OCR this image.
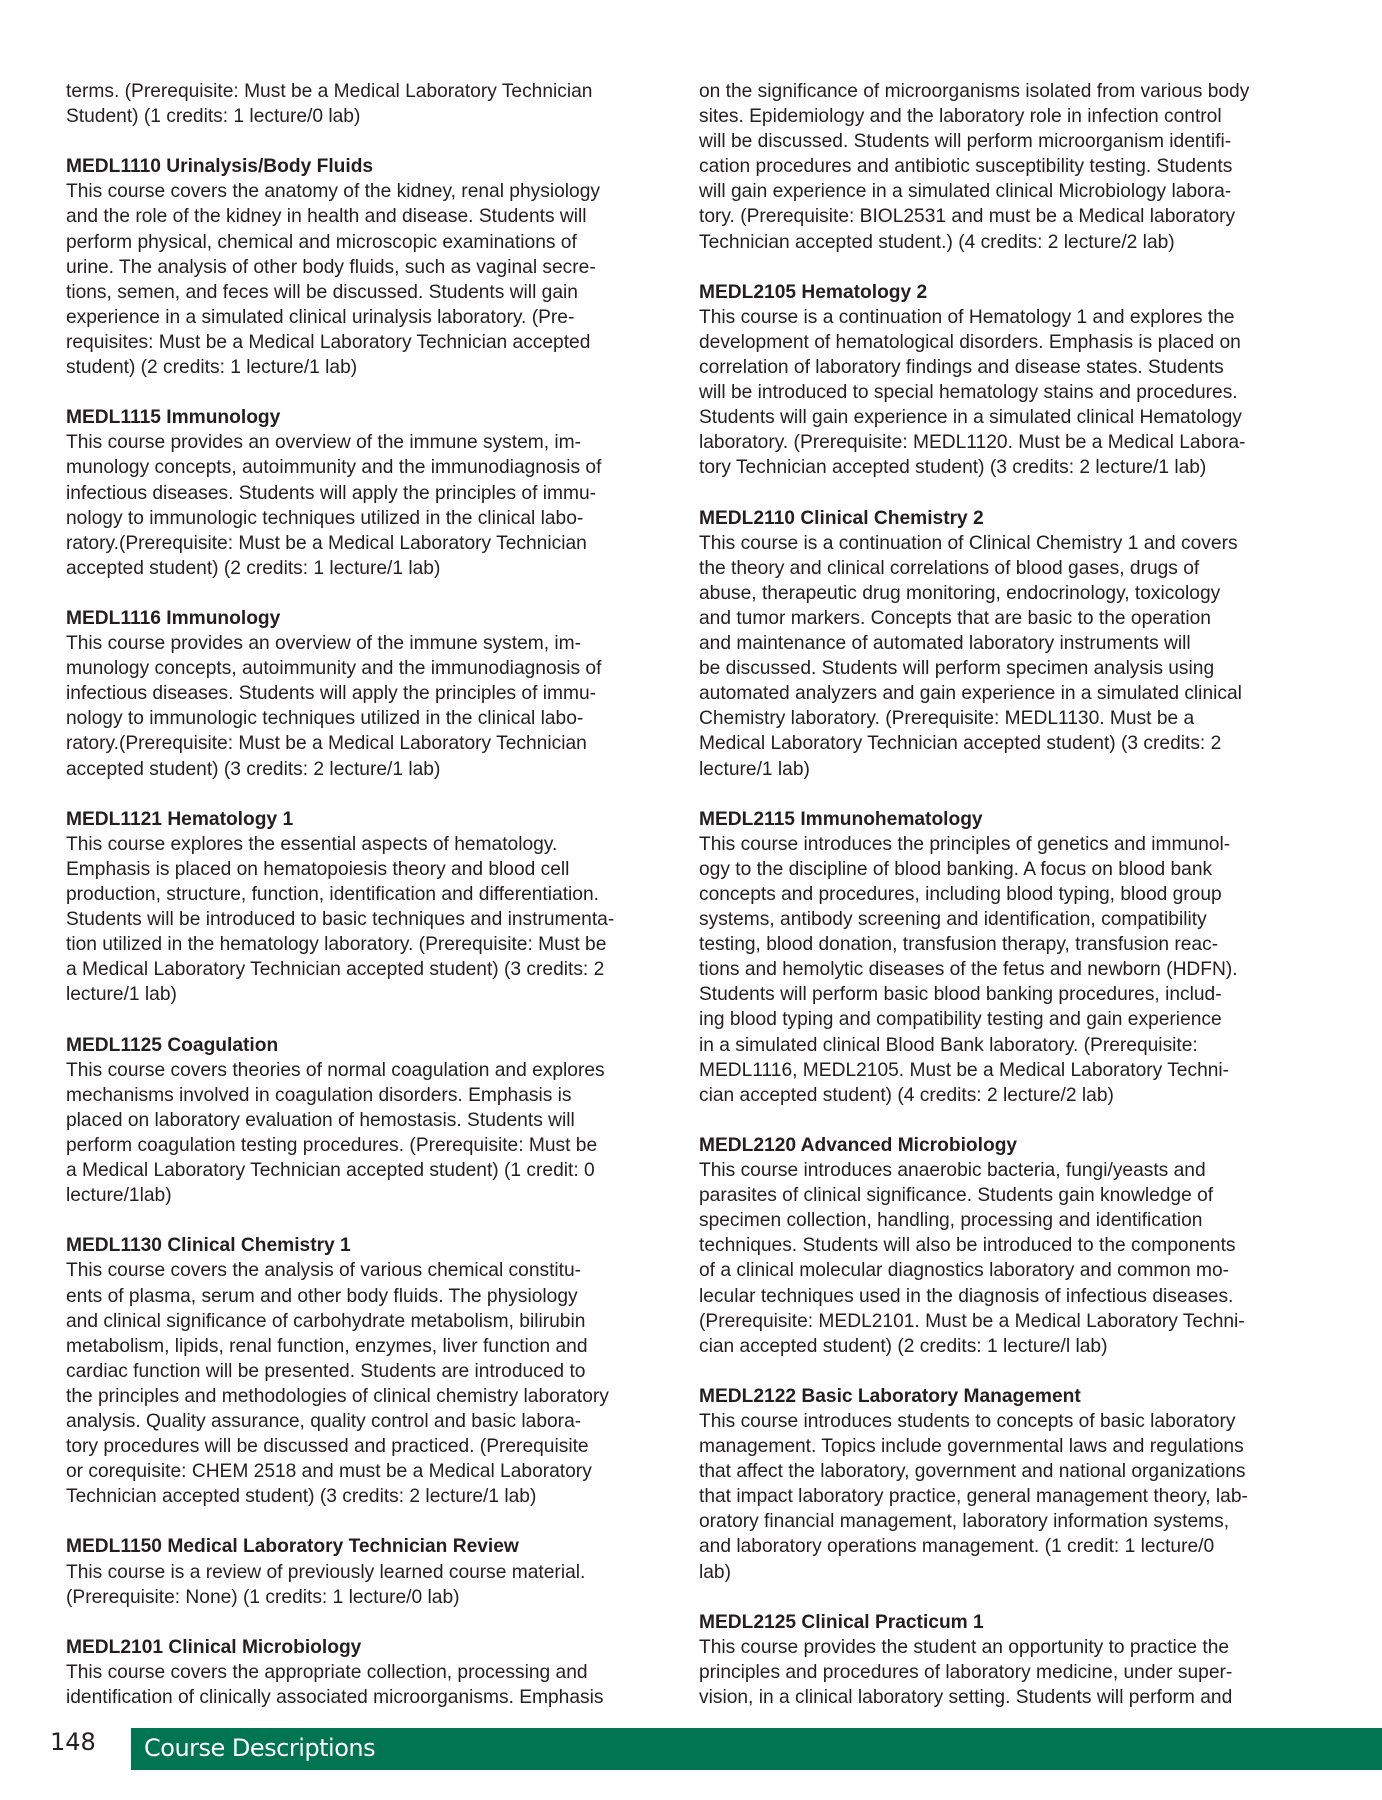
terms. (Prerequisite: Must be a Medical Laboratory Technician
Student) (1 credits: 1 lecture/0 lab)
MEDL1110 Urinalysis/Body Fluids
This course covers the anatomy of the kidney, renal physiology
and the role of the kidney in health and disease. Students will
perform physical, chemical and microscopic examinations of
urine. The analysis of other body fluids, such as vaginal secre-
tions, semen, and feces will be discussed. Students will gain
experience in a simulated clinical urinalysis laboratory. (Pre-
requisites: Must be a Medical Laboratory Technician accepted
student) (2 credits: 1 lecture/1 lab)
MEDL1115 Immunology
This course provides an overview of the immune system, im-
munology concepts, autoimmunity and the immunodiagnosis of
infectious diseases. Students will apply the principles of immu-
nology to immunologic techniques utilized in the clinical labo-
ratory.(Prerequisite: Must be a Medical Laboratory Technician
accepted student) (2 credits: 1 lecture/1 lab)
MEDL1116 Immunology
This course provides an overview of the immune system, im-
munology concepts, autoimmunity and the immunodiagnosis of
infectious diseases. Students will apply the principles of immu-
nology to immunologic techniques utilized in the clinical labo-
ratory.(Prerequisite: Must be a Medical Laboratory Technician
accepted student) (3 credits: 2 lecture/1 lab)
MEDL1121 Hematology 1
This course explores the essential aspects of hematology.
Emphasis is placed on hematopoiesis theory and blood cell
production, structure, function, identification and differentiation.
Students will be introduced to basic techniques and instrumenta-
tion utilized in the hematology laboratory. (Prerequisite: Must be
a Medical Laboratory Technician accepted student) (3 credits: 2
lecture/1 lab)
MEDL1125 Coagulation
This course covers theories of normal coagulation and explores
mechanisms involved in coagulation disorders. Emphasis is
placed on laboratory evaluation of hemostasis. Students will
perform coagulation testing procedures. (Prerequisite: Must be
a Medical Laboratory Technician accepted student) (1 credit: 0
lecture/1lab)
MEDL1130 Clinical Chemistry 1
This course covers the analysis of various chemical constitu-
ents of plasma, serum and other body fluids. The physiology
and clinical significance of carbohydrate metabolism, bilirubin
metabolism, lipids, renal function, enzymes, liver function and
cardiac function will be presented. Students are introduced to
the principles and methodologies of clinical chemistry laboratory
analysis. Quality assurance, quality control and basic labora-
tory procedures will be discussed and practiced. (Prerequisite
or corequisite: CHEM 2518 and must be a Medical Laboratory
Technician accepted student) (3 credits: 2 lecture/1 lab)
MEDL1150 Medical Laboratory Technician Review
This course is a review of previously learned course material.
(Prerequisite: None) (1 credits: 1 lecture/0 lab)
MEDL2101 Clinical Microbiology
This course covers the appropriate collection, processing and
identification of clinically associated microorganisms. Emphasis
on the significance of microorganisms isolated from various body
sites. Epidemiology and the laboratory role in infection control
will be discussed. Students will perform microorganism identifi-
cation procedures and antibiotic susceptibility testing. Students
will gain experience in a simulated clinical Microbiology labora-
tory. (Prerequisite: BIOL2531 and must be a Medical laboratory
Technician accepted student.) (4 credits: 2 lecture/2 lab)
MEDL2105 Hematology 2
This course is a continuation of Hematology 1 and explores the
development of hematological disorders. Emphasis is placed on
correlation of laboratory findings and disease states. Students
will be introduced to special hematology stains and procedures.
Students will gain experience in a simulated clinical Hematology
laboratory. (Prerequisite: MEDL1120. Must be a Medical Labora-
tory Technician accepted student) (3 credits: 2 lecture/1 lab)
MEDL2110 Clinical Chemistry 2
This course is a continuation of Clinical Chemistry 1 and covers
the theory and clinical correlations of blood gases, drugs of
abuse, therapeutic drug monitoring, endocrinology, toxicology
and tumor markers. Concepts that are basic to the operation
and maintenance of automated laboratory instruments will
be discussed. Students will perform specimen analysis using
automated analyzers and gain experience in a simulated clinical
Chemistry laboratory. (Prerequisite: MEDL1130. Must be a
Medical Laboratory Technician accepted student) (3 credits: 2
lecture/1 lab)
MEDL2115 Immunohematology
This course introduces the principles of genetics and immunol-
ogy to the discipline of blood banking. A focus on blood bank
concepts and procedures, including blood typing, blood group
systems, antibody screening and identification, compatibility
testing, blood donation, transfusion therapy, transfusion reac-
tions and hemolytic diseases of the fetus and newborn (HDFN).
Students will perform basic blood banking procedures, includ-
ing blood typing and compatibility testing and gain experience
in a simulated clinical Blood Bank laboratory. (Prerequisite:
MEDL1116, MEDL2105. Must be a Medical Laboratory Techni-
cian accepted student) (4 credits: 2 lecture/2 lab)
MEDL2120 Advanced Microbiology
This course introduces anaerobic bacteria, fungi/yeasts and
parasites of clinical significance. Students gain knowledge of
specimen collection, handling, processing and identification
techniques. Students will also be introduced to the components
of a clinical molecular diagnostics laboratory and common mo-
lecular techniques used in the diagnosis of infectious diseases.
(Prerequisite: MEDL2101. Must be a Medical Laboratory Techni-
cian accepted student) (2 credits: 1 lecture/l lab)
MEDL2122 Basic Laboratory Management
This course introduces students to concepts of basic laboratory
management. Topics include governmental laws and regulations
that affect the laboratory, government and national organizations
that impact laboratory practice, general management theory, lab-
oratory financial management, laboratory information systems,
and laboratory operations management. (1 credit: 1 lecture/0
lab)
MEDL2125 Clinical Practicum 1
This course provides the student an opportunity to practice the
principles and procedures of laboratory medicine, under super-
vision, in a clinical laboratory setting. Students will perform and
148 Course Descriptions
